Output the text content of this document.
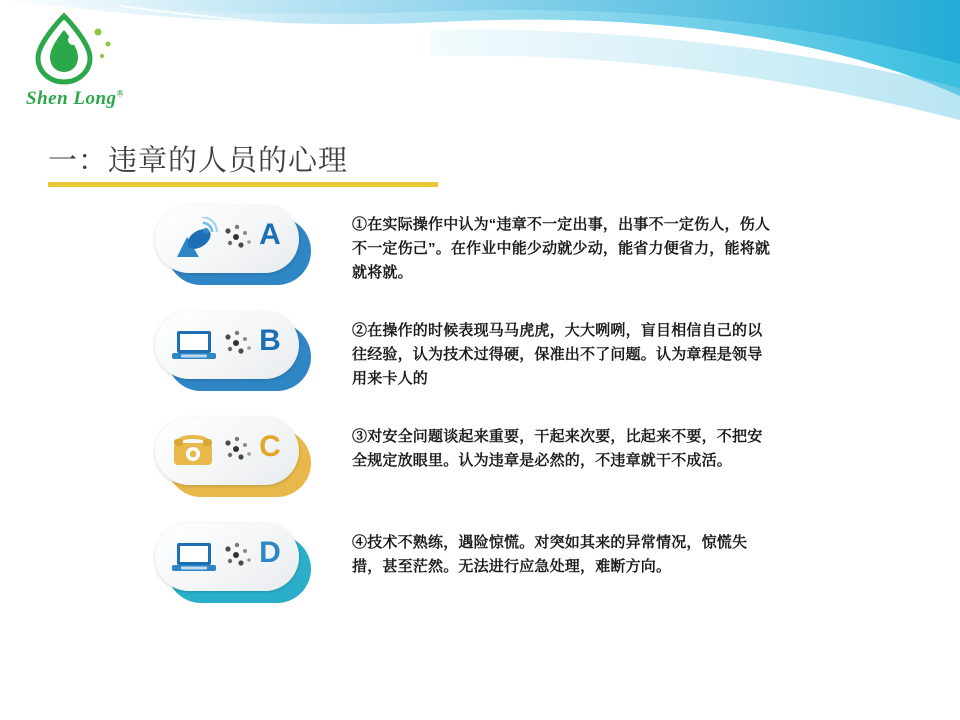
Shen Long®
一：违章的人员的心理
A	①在实际操作中认为“违章不一定出事，出事不一定伤人，伤人不一定伤己”。在作业中能少动就少动，能省力便省力，能将就就将就。
B	②在操作的时候表现马马虎虎，大大咧咧，盲目相信自己的以往经验，认为技术过得硬，保准出不了问题。认为章程是领导用来卡人的
C	③对安全问题谈起来重要，干起来次要，比起来不要，不把安全规定放眼里。认为违章是必然的，不违章就干不成活。
D	④技术不熟练，遇险惊慌。对突如其来的异常情况，惊慌失措，甚至茫然。无法进行应急处理，难断方向。
